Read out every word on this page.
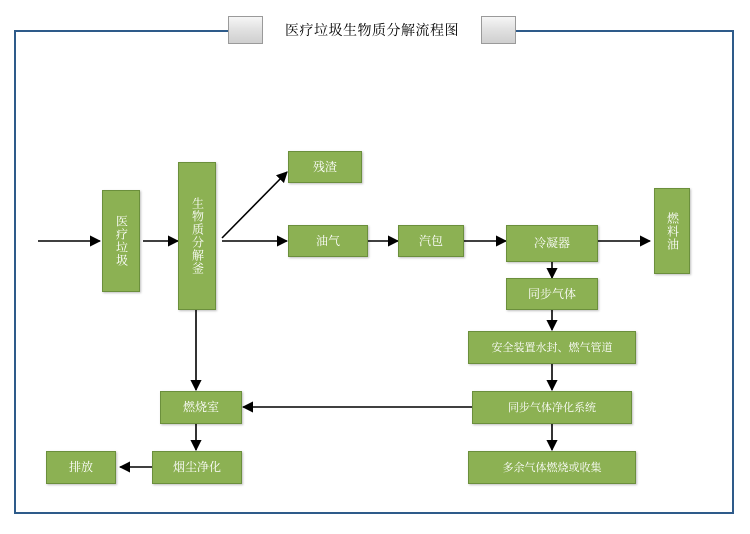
医疗垃圾生物质分解流程图
医疗垃圾	生物质分解釜
残渣
油气	汽包	冷凝器	燃料油
同步气体
安全装置水封、燃气管道
同步气体净化系统
多余气体燃烧或收集
燃烧室
烟尘净化
排放
